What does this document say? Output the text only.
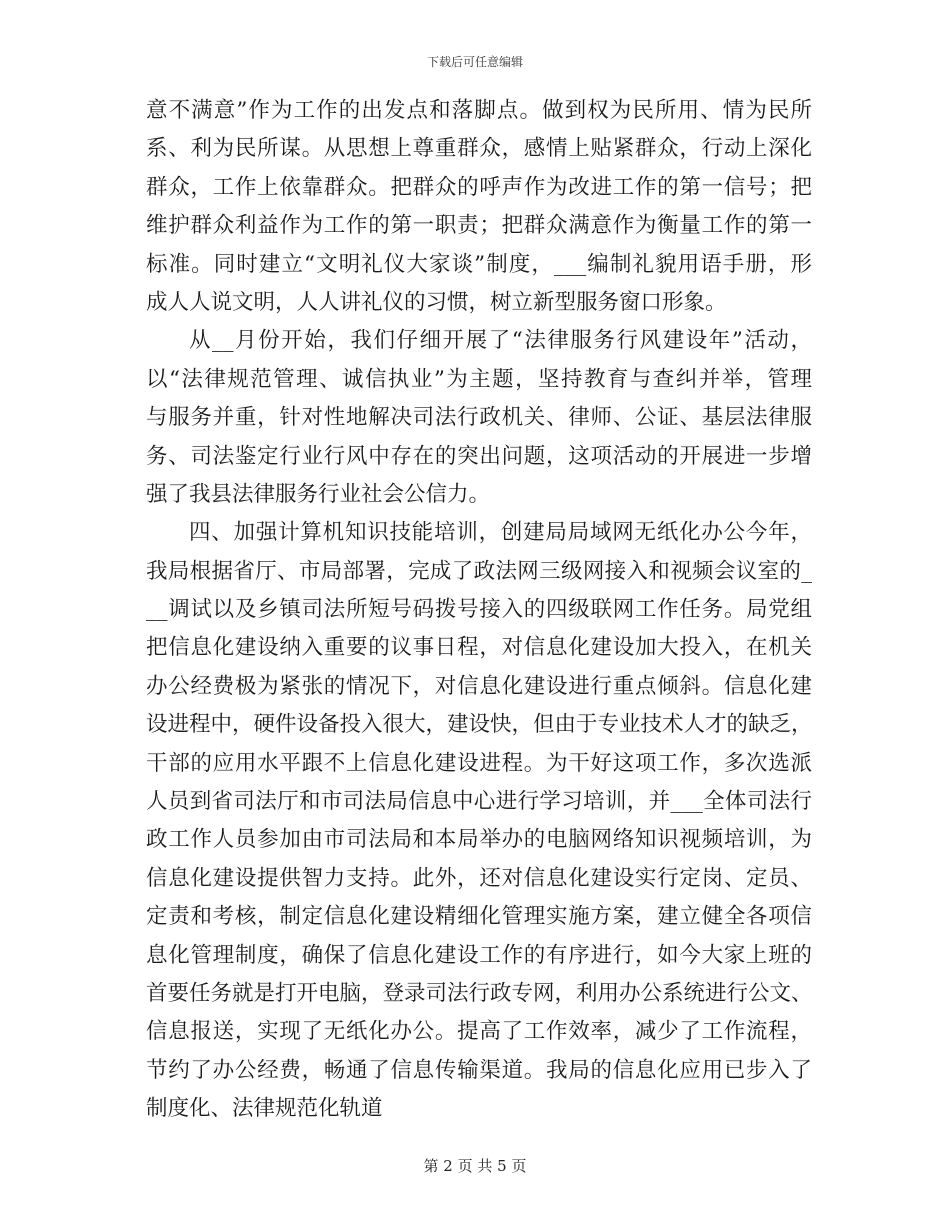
下载后可任意编辑
意不满意”作为工作的出发点和落脚点。做到权为民所用、情为民所
系、利为民所谋。从思想上尊重群众，感情上贴紧群众，行动上深化
群众，工作上依靠群众。把群众的呼声作为改进工作的第一信号；把
维护群众利益作为工作的第一职责；把群众满意作为衡量工作的第一
标准。同时建立“文明礼仪大家谈”制度，___编制礼貌用语手册，形
成人人说文明，人人讲礼仪的习惯，树立新型服务窗口形象。
从__月份开始，我们仔细开展了“法律服务行风建设年”活动，
以“法律规范管理、诚信执业”为主题，坚持教育与查纠并举，管理
与服务并重，针对性地解决司法行政机关、律师、公证、基层法律服
务、司法鉴定行业行风中存在的突出问题，这项活动的开展进一步增
强了我县法律服务行业社会公信力。
四、加强计算机知识技能培训，创建局局域网无纸化办公今年，
我局根据省厅、市局部署，完成了政法网三级网接入和视频会议室的_
__调试以及乡镇司法所短号码拨号接入的四级联网工作任务。局党组
把信息化建设纳入重要的议事日程，对信息化建设加大投入，在机关
办公经费极为紧张的情况下，对信息化建设进行重点倾斜。信息化建
设进程中，硬件设备投入很大，建设快，但由于专业技术人才的缺乏，
干部的应用水平跟不上信息化建设进程。为干好这项工作，多次选派
人员到省司法厅和市司法局信息中心进行学习培训，并___全体司法行
政工作人员参加由市司法局和本局举办的电脑网络知识视频培训，为
信息化建设提供智力支持。此外，还对信息化建设实行定岗、定员、
定责和考核，制定信息化建设精细化管理实施方案，建立健全各项信
息化管理制度，确保了信息化建设工作的有序进行，如今大家上班的
首要任务就是打开电脑，登录司法行政专网，利用办公系统进行公文、
信息报送，实现了无纸化办公。提高了工作效率，减少了工作流程，
节约了办公经费，畅通了信息传输渠道。我局的信息化应用已步入了
制度化、法律规范化轨道
第 2 页 共 5 页
